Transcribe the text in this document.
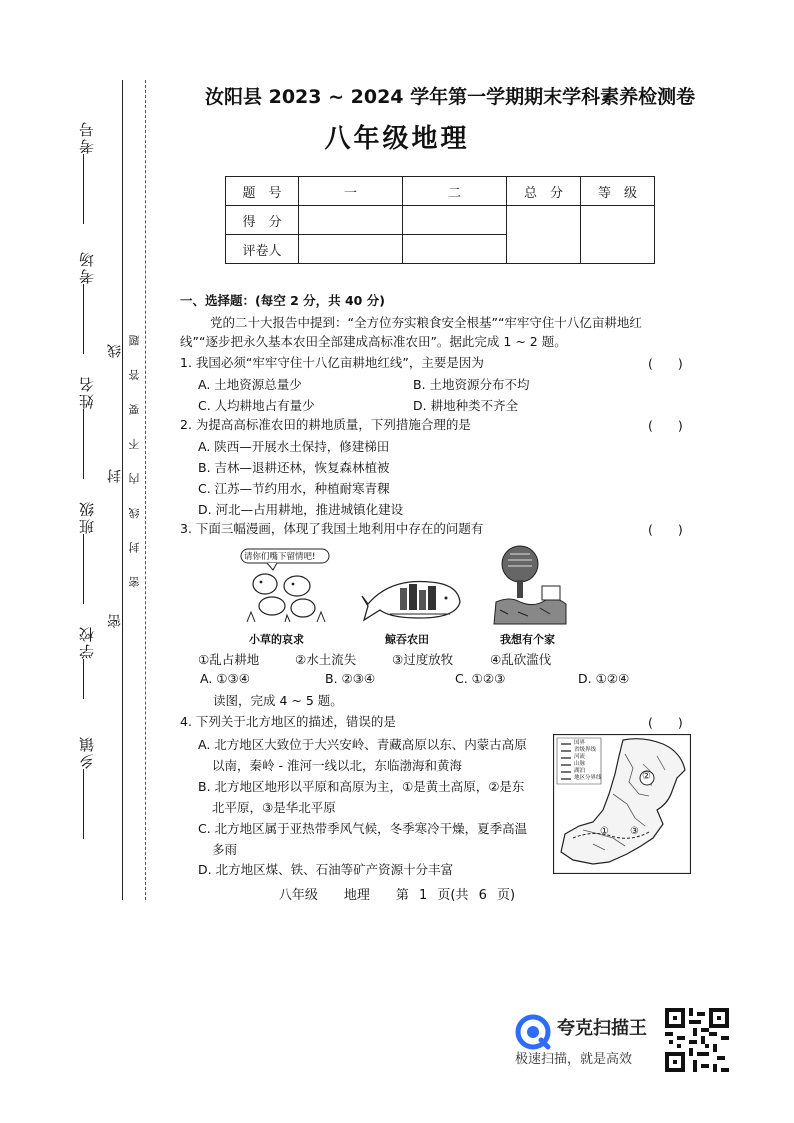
考号
考场
姓名
班级
学校
乡镇
线
封
密
密 封 线 内 不 要 答 题
汝阳县 2023 ~ 2024 学年第一学期期末学科素养检测卷
八年级地理
题　号	一	二	总　分	等　级
得　分				
评卷人				
一、选择题：(每空 2 分，共 40 分)
党的二十大报告中提到：“全方位夯实粮食安全根基”“牢牢守住十八亿亩耕地红
线”“逐步把永久基本农田全部建成高标准农田”。据此完成 1 ~ 2 题。
1. 我国必须“牢牢守住十八亿亩耕地红线”，主要是因为	(　　)
A. 土地资源总量少	B. 土地资源分布不均
C. 人均耕地占有量少	D. 耕地种类不齐全
2. 为提高高标准农田的耕地质量，下列措施合理的是	(　　)
A. 陕西—开展水土保持，修建梯田
B. 吉林—退耕还林，恢复森林植被
C. 江苏—节约用水，种植耐寒青稞
D. 河北—占用耕地，推进城镇化建设
3. 下面三幅漫画，体现了我国土地利用中存在的问题有	(　　)
请你们嘴下留情吧!
小草的哀求	鲸吞农田	我想有个家
①乱占耕地	②水土流失	③过度放牧	④乱砍滥伐
A. ①③④	B. ②③④	C. ①②③	D. ①②④
读图，完成 4 ~ 5 题。
4. 下列关于北方地区的描述，错误的是	(　　)
A. 北方地区大致位于大兴安岭、青藏高原以东、内蒙古高原
以南，秦岭 - 淮河一线以北，东临渤海和黄海
B. 北方地区地形以平原和高原为主，①是黄土高原，②是东
北平原，③是华北平原
C. 北方地区属于亚热带季风气候，冬季寒冷干燥，夏季高温
多雨
D. 北方地区煤、铁、石油等矿产资源十分丰富
国界
省级界线
河流
山脉
湖泊
地区分界线
①
②
③
八年级　　地理　　第 1 页(共 6 页)
夸克扫描王
极速扫描，就是高效
